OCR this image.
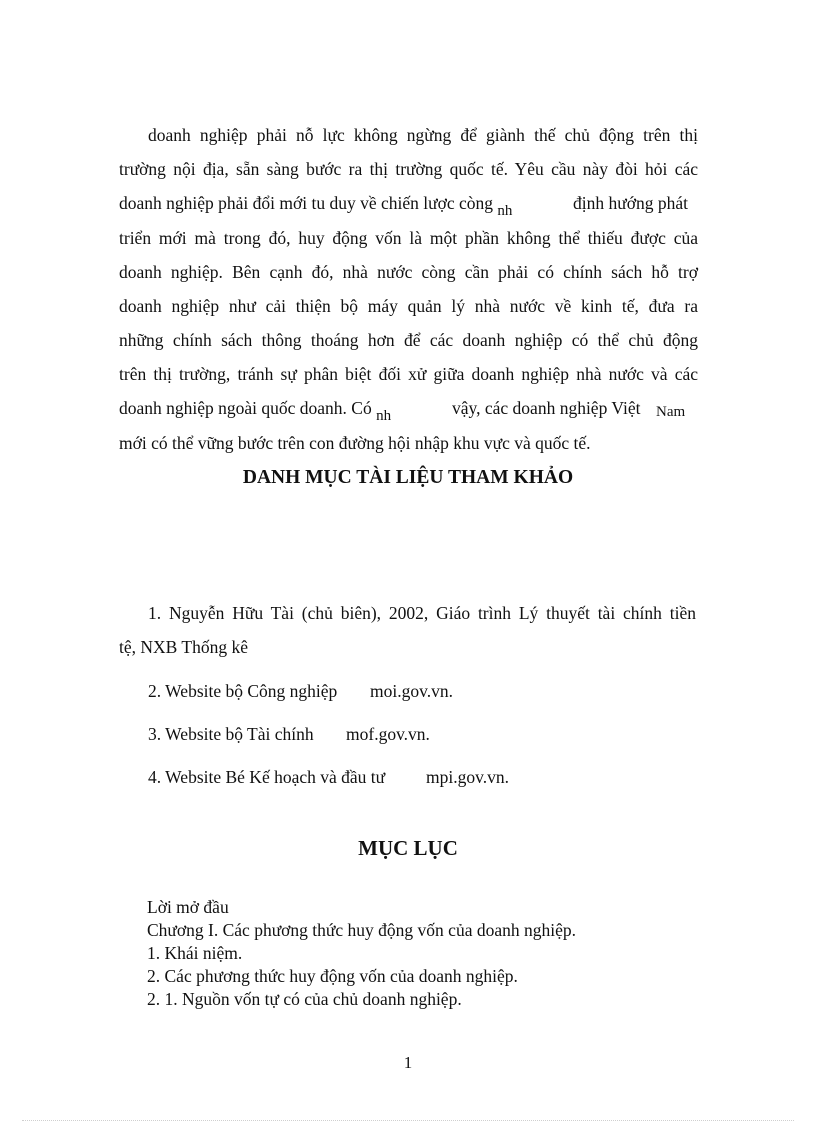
doanh nghiệp phải nỗ lực không ngừng để giành thế chủ động trên thị
trường nội địa, sẵn sàng bước ra thị trường quốc tế. Yêu cầu này đòi hỏi các
doanh nghiệp phải đổi mới tu duy về chiến lược còng nh	định hướng phát
triển mới mà trong đó, huy động vốn là một phần không thể thiếu được của
doanh nghiệp. Bên cạnh đó, nhà nước còng cần phải có chính sách hỗ trợ
doanh nghiệp như cải thiện bộ máy quản lý nhà nước về kinh tế, đưa ra
những chính sách thông thoáng hơn để các doanh nghiệp có thể chủ động
trên thị trường, tránh sự phân biệt đối xử giữa doanh nghiệp nhà nước và các
doanh nghiệp ngoài quốc doanh. Có nh	vậy, các doanh nghiệp Việt Nam
mới có thể vững bước trên con đường hội nhập khu vực và quốc tế.
DANH MỤC TÀI LIỆU THAM KHẢO
1. Nguyễn Hữu Tài (chủ biên), 2002, Giáo trình Lý thuyết tài chính tiền
tệ, NXB Thống kê
2. Website bộ Công nghiệp moi.gov.vn.
3. Website bộ Tài chính mof.gov.vn.
4. Website Bé Kế hoạch và đầu tư mpi.gov.vn.
MỤC LỤC
Lời mở đầu
Chương I. Các phương thức huy động vốn của doanh nghiệp.
1. Khái niệm.
2. Các phương thức huy động vốn của doanh nghiệp.
2. 1. Nguồn vốn tự có của chủ doanh nghiệp.
1
